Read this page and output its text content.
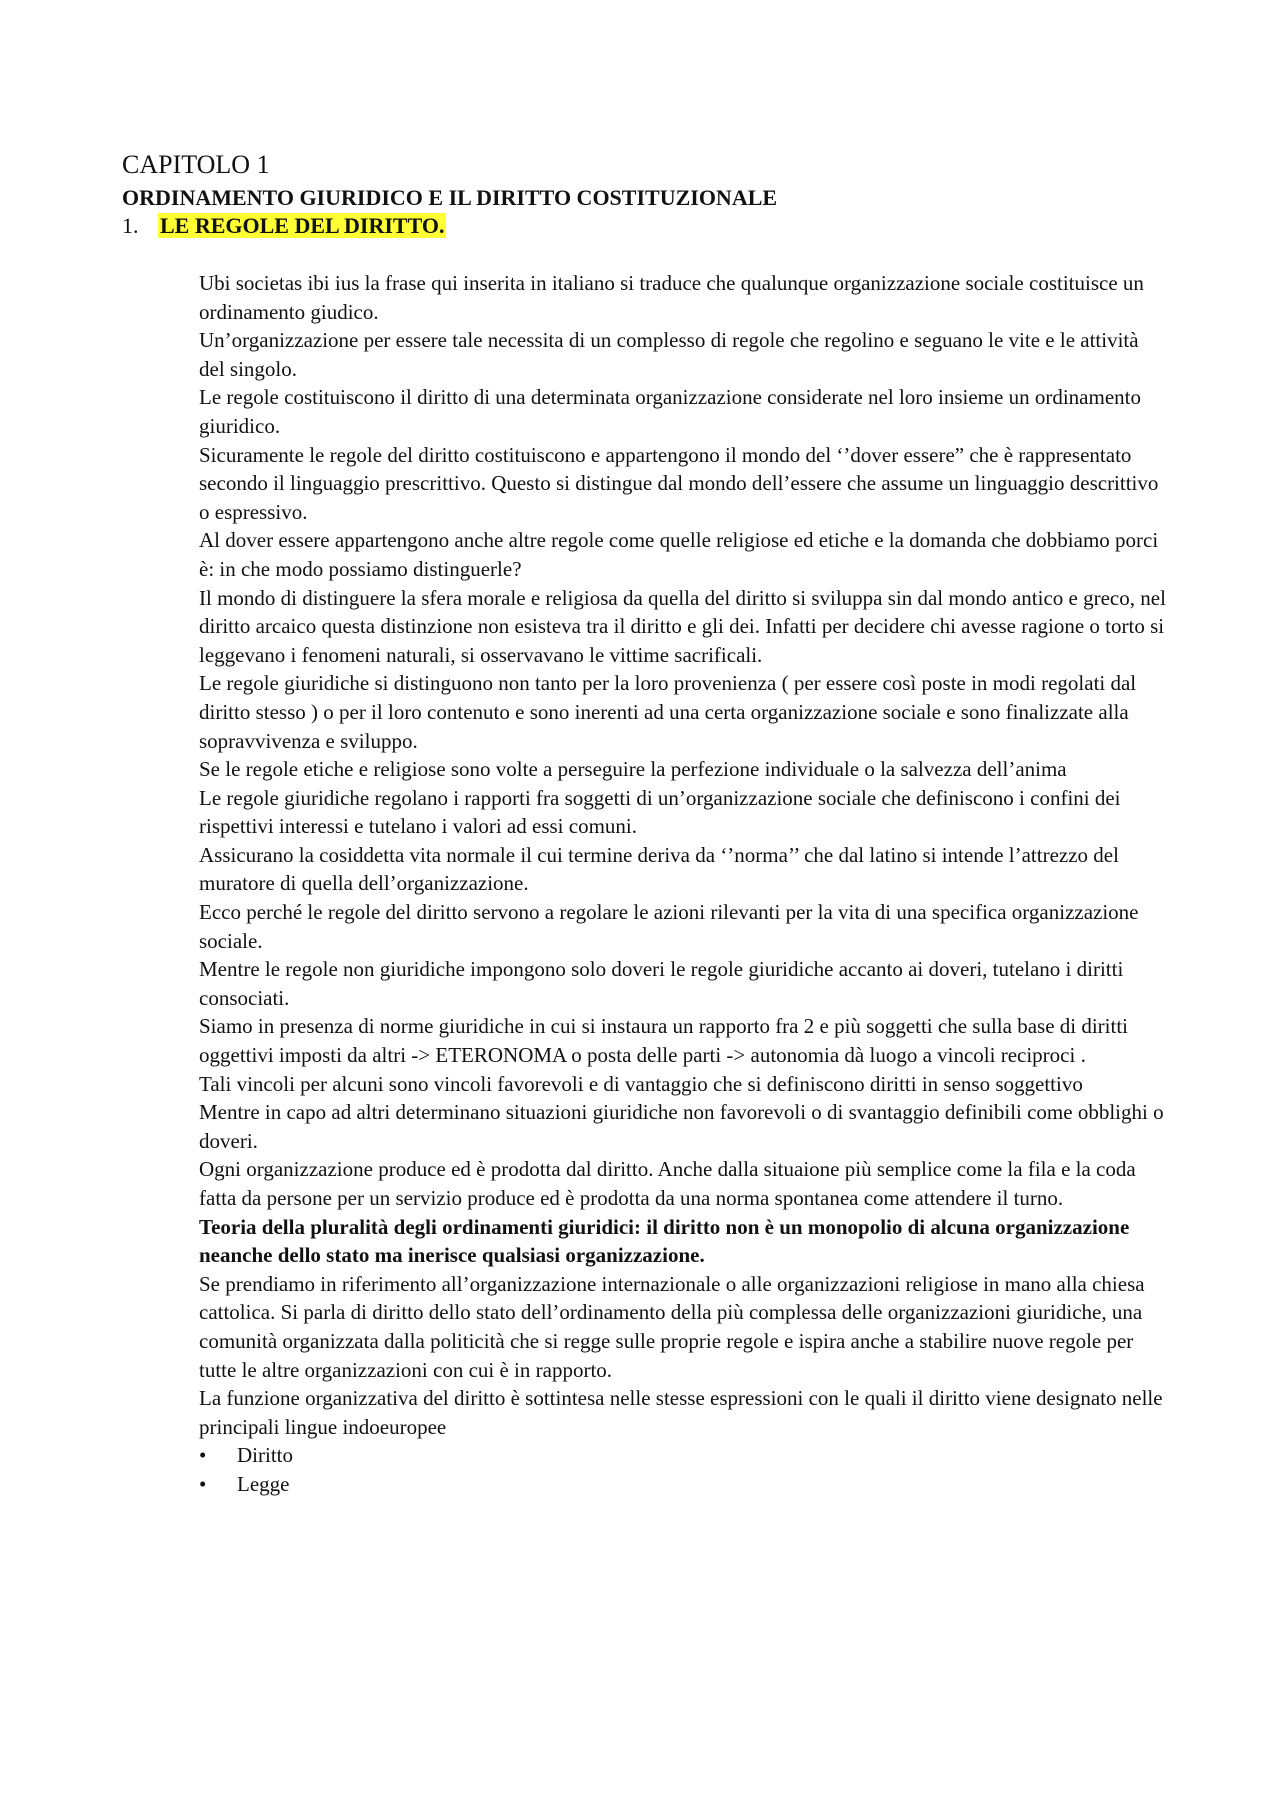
CAPITOLO 1
ORDINAMENTO GIURIDICO E IL DIRITTO COSTITUZIONALE
1. LE REGOLE DEL DIRITTO.

Ubi societas ibi ius la frase qui inserita in italiano si traduce che qualunque organizzazione sociale costituisce un ordinamento giudico.

Un’organizzazione per essere tale necessita di un complesso di regole che regolino e seguano le vite e le attività del singolo.

Le regole costituiscono il diritto di una determinata organizzazione considerate nel loro insieme un ordinamento giuridico.

Sicuramente le regole del diritto costituiscono e appartengono il mondo del ‘’dover essere” che è rappresentato secondo il linguaggio prescrittivo. Questo si distingue dal mondo dell’essere che assume un linguaggio descrittivo o espressivo.

Al dover essere appartengono anche altre regole come quelle religiose ed etiche e la domanda che dobbiamo porci è: in che modo possiamo distinguerle?

Il mondo di distinguere la sfera morale e religiosa da quella del diritto si sviluppa sin dal mondo antico e greco, nel diritto arcaico questa distinzione non esisteva tra il diritto e gli dei. Infatti per decidere chi avesse ragione o torto si leggevano i fenomeni naturali, si osservavano le vittime sacrificali.

Le regole giuridiche si distinguono non tanto per la loro provenienza ( per essere così poste in modi regolati dal diritto stesso ) o per il loro contenuto e sono inerenti ad una certa organizzazione sociale e sono finalizzate alla sopravvivenza e sviluppo.

Se le regole etiche e religiose sono volte a perseguire la perfezione individuale o la salvezza dell’anima

Le regole giuridiche regolano i rapporti fra soggetti di un’organizzazione sociale che definiscono i confini dei rispettivi interessi e tutelano i valori ad essi comuni.

Assicurano la cosiddetta vita normale il cui termine deriva da ‘’norma’’ che dal latino si intende l’attrezzo del muratore di quella dell’organizzazione.

Ecco perché le regole del diritto servono a regolare le azioni rilevanti per la vita di una specifica organizzazione sociale.

Mentre le regole non giuridiche impongono solo doveri le regole giuridiche accanto ai doveri, tutelano i diritti consociati.

Siamo in presenza di norme giuridiche in cui si instaura un rapporto fra 2 e più soggetti che sulla base di diritti oggettivi imposti da altri -> ETERONOMA o posta delle parti -> autonomia dà luogo a vincoli reciproci .

Tali vincoli per alcuni sono vincoli favorevoli e di vantaggio che si definiscono diritti in senso soggettivo

Mentre in capo ad altri determinano situazioni giuridiche non favorevoli o di svantaggio definibili come obblighi o doveri.

Ogni organizzazione produce ed è prodotta dal diritto. Anche dalla situaione più semplice come la fila e la coda fatta da persone per un servizio produce ed è prodotta da una norma spontanea come attendere il turno.

Teoria della pluralità degli ordinamenti giuridici: il diritto non è un monopolio di alcuna organizzazione neanche dello stato ma inerisce qualsiasi organizzazione.

Se prendiamo in riferimento all’organizzazione internazionale o alle organizzazioni religiose in mano alla chiesa cattolica. Si parla di diritto dello stato dell’ordinamento della più complessa delle organizzazioni giuridiche, una comunità organizzata dalla politicità che si regge sulle proprie regole e ispira anche a stabilire nuove regole per tutte le altre organizzazioni con cui è in rapporto.

La funzione organizzativa del diritto è sottintesa nelle stesse espressioni con le quali il diritto viene designato nelle principali lingue indoeuropee

• Diritto
• Legge
